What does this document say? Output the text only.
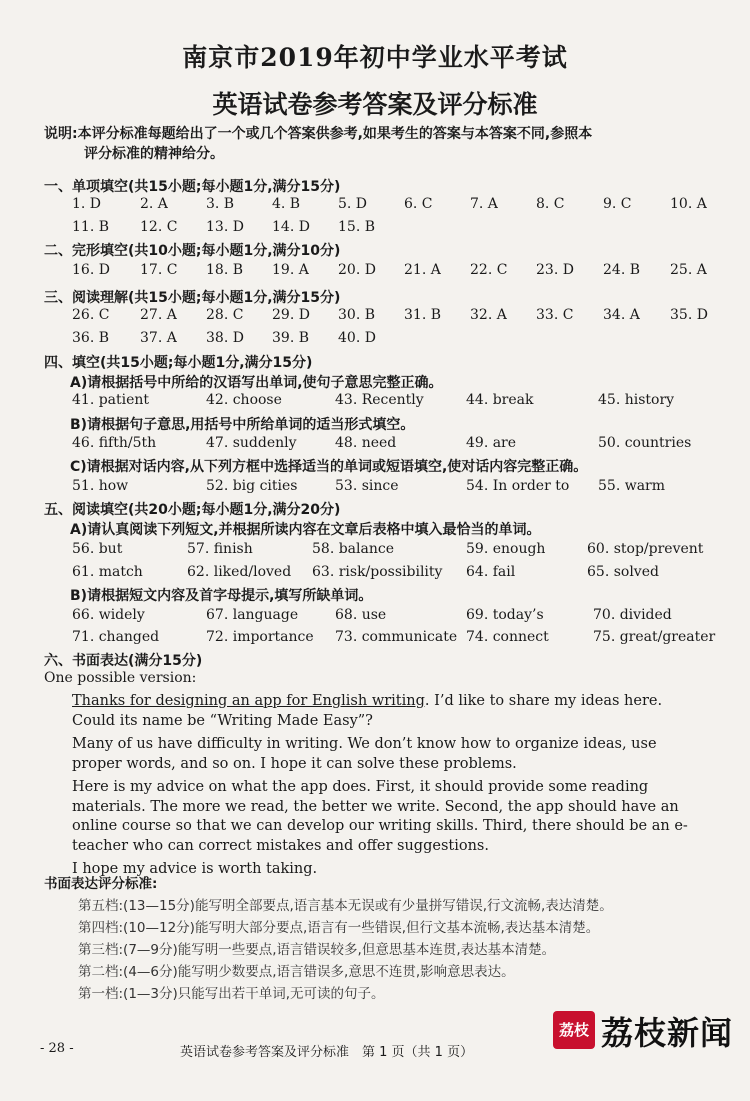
南京市2019年初中学业水平考试
英语试卷参考答案及评分标准
说明:本评分标准每题给出了一个或几个答案供参考,如果考生的答案与本答案不同,参照本
评分标准的精神给分。
一、单项填空(共15小题;每小题1分,满分15分)
1. D	2. A	3. B	4. B	5. D	6. C	7. A	8. C	9. C	10. A
11. B 12. C 13. D 14. D 15. B
二、完形填空(共10小题;每小题1分,满分10分)
16. D 17. C 18. B 19. A 20. D 21. A 22. C 23. D 24. B 25. A
三、阅读理解(共15小题;每小题1分,满分15分)
26. C 27. A 28. C 29. D 30. B 31. B 32. A 33. C 34. A 35. D
36. B 37. A 38. D 39. B 40. D
四、填空(共15小题;每小题1分,满分15分)
A)请根据括号中所给的汉语写出单词,使句子意思完整正确。
41. patient	42. choose	43. Recently	44. break	45. history
B)请根据句子意思,用括号中所给单词的适当形式填空。
46. fifth/5th	47. suddenly	48. need	49. are	50. countries
C)请根据对话内容,从下列方框中选择适当的单词或短语填空,使对话内容完整正确。
51. how	52. big cities	53. since	54. In order to 55. warm
五、阅读填空(共20小题;每小题1分,满分20分)
A)请认真阅读下列短文,并根据所读内容在文章后表格中填入最恰当的单词。
56. but	57. finish	58. balance	59. enough	60. stop/prevent
61. match	62. liked/loved 63. risk/possibility 64. fail	65. solved
B)请根据短文内容及首字母提示,填写所缺单词。
66. widely	67. language	68. use	69. today’s	70. divided
71. changed	72. importance 73. communicate 74. connect	75. great/greater
六、书面表达(满分15分)
One possible version:

Thanks for designing an app for English writing. I’d like to share my ideas here. Could its name be “Writing Made Easy”?

Many of us have difficulty in writing. We don’t know how to organize ideas, use proper words, and so on. I hope it can solve these problems.

Here is my advice on what the app does. First, it should provide some reading materials. The more we read, the better we write. Second, the app should have an online course so that we can develop our writing skills. Third, there should be an e-teacher who can correct mistakes and offer suggestions.

I hope my advice is worth taking.

书面表达评分标准:
第五档:(13—15分)能写明全部要点,语言基本无误或有少量拼写错误,行文流畅,表达清楚。
第四档:(10—12分)能写明大部分要点,语言有一些错误,但行文基本流畅,表达基本清楚。
第三档:(7—9分)能写明一些要点,语言错误较多,但意思基本连贯,表达基本清楚。
第二档:(4—6分)能写明少数要点,语言错误多,意思不连贯,影响意思表达。
第一档:(1—3分)只能写出若干单词,无可读的句子。
- 28 -	英语试卷参考答案及评分标准　第 1 页（共 1 页）
荔枝 荔枝新闻
